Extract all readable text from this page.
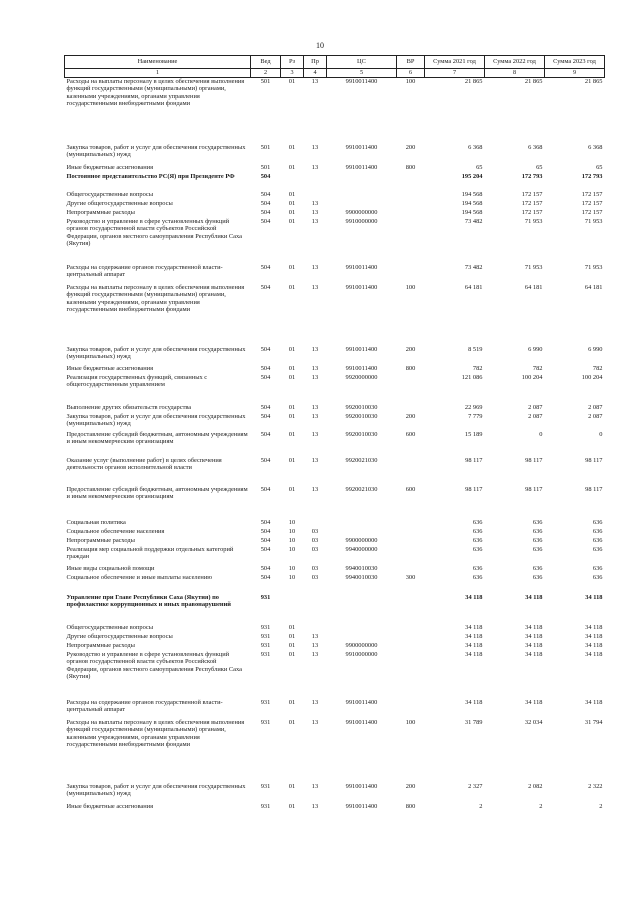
10
Наименование	Вед	Рз	Пр	ЦС	ВР	Сумма 2021 год	Сумма 2022 год	Сумма 2023 год
1	2	3	4	5	6	7	8	9
Расходы на выплаты персоналу в целях обеспечения выполнения функций государственными (муниципальными) органами, казенными учреждениями, органами управления государственными внебюджетными фондами	501	01	13	9910011400	100	21 865	21 865	21 865
Закупка товаров, работ и услуг для обеспечения государственных (муниципальных) нужд	501	01	13	9910011400	200	6 368	6 368	6 368
Иные бюджетные ассигнования	501	01	13	9910011400	800	65	65	65
Постоянное представительство РС(Я) при Президенте РФ	504					195 204	172 793	172 793
Общегосударственные вопросы	504	01				194 568	172 157	172 157
Другие общегосударственные вопросы	504	01	13			194 568	172 157	172 157
Непрограммные расходы	504	01	13	9900000000		194 568	172 157	172 157
Руководство и управление в сфере установленных функций органов государственной власти субъектов Российской Федерации, органов местного самоуправления Республики Саха (Якутия)	504	01	13	9910000000		73 482	71 953	71 953
Расходы на содержание органов государственной власти- центральный аппарат	504	01	13	9910011400		73 482	71 953	71 953
Расходы на выплаты персоналу в целях обеспечения выполнения функций государственными (муниципальными) органами, казенными учреждениями, органами управления государственными внебюджетными фондами	504	01	13	9910011400	100	64 181	64 181	64 181
Закупка товаров, работ и услуг для обеспечения государственных (муниципальных) нужд	504	01	13	9910011400	200	8 519	6 990	6 990
Иные бюджетные ассигнования	504	01	13	9910011400	800	782	782	782
Реализация государственных функций, связанных с общегосударственным управлением	504	01	13	9920000000		121 086	100 204	100 204
Выполнение других обязательств государства	504	01	13	9920010030		22 969	2 087	2 087
Закупка товаров, работ и услуг для обеспечения государственных (муниципальных) нужд	504	01	13	9920010030	200	7 779	2 087	2 087
Предоставление субсидий бюджетным, автономным учреждениям и иным некоммерческим организациям	504	01	13	9920010030	600	15 189	0	0
Оказание услуг (выполнение работ) в целях обеспечения деятельности органов исполнительной власти	504	01	13	9920021030		98 117	98 117	98 117
Предоставление субсидий бюджетным, автономным учреждениям и иным некоммерческим организациям	504	01	13	9920021030	600	98 117	98 117	98 117
Социальная политика	504	10				636	636	636
Социальное обеспечение населения	504	10	03			636	636	636
Непрограммные расходы	504	10	03	9900000000		636	636	636
Реализация мер социальной поддержки отдельных категорий граждан	504	10	03	9940000000		636	636	636
Иные виды социальной помощи	504	10	03	9940010030		636	636	636
Социальное обеспечение и иные выплаты населению	504	10	03	9940010030	300	636	636	636
Управление при Главе Республики Саха (Якутия) по профилактике коррупционных и иных правонарушений	931					34 118	34 118	34 118
Общегосударственные вопросы	931	01				34 118	34 118	34 118
Другие общегосударственные вопросы	931	01	13			34 118	34 118	34 118
Непрограммные расходы	931	01	13	9900000000		34 118	34 118	34 118
Руководство и управление в сфере установленных функций органов государственной власти субъектов Российской Федерации, органов местного самоуправления Республики Саха (Якутия)	931	01	13	9910000000		34 118	34 118	34 118
Расходы на содержание органов государственной власти- центральный аппарат	931	01	13	9910011400		34 118	34 118	34 118
Расходы на выплаты персоналу в целях обеспечения выполнения функций государственными (муниципальными) органами, казенными учреждениями, органами управления государственными внебюджетными фондами	931	01	13	9910011400	100	31 789	32 034	31 794
Закупка товаров, работ и услуг для обеспечения государственных (муниципальных) нужд	931	01	13	9910011400	200	2 327	2 082	2 322
Иные бюджетные ассигнования	931	01	13	9910011400	800	2	2	2
